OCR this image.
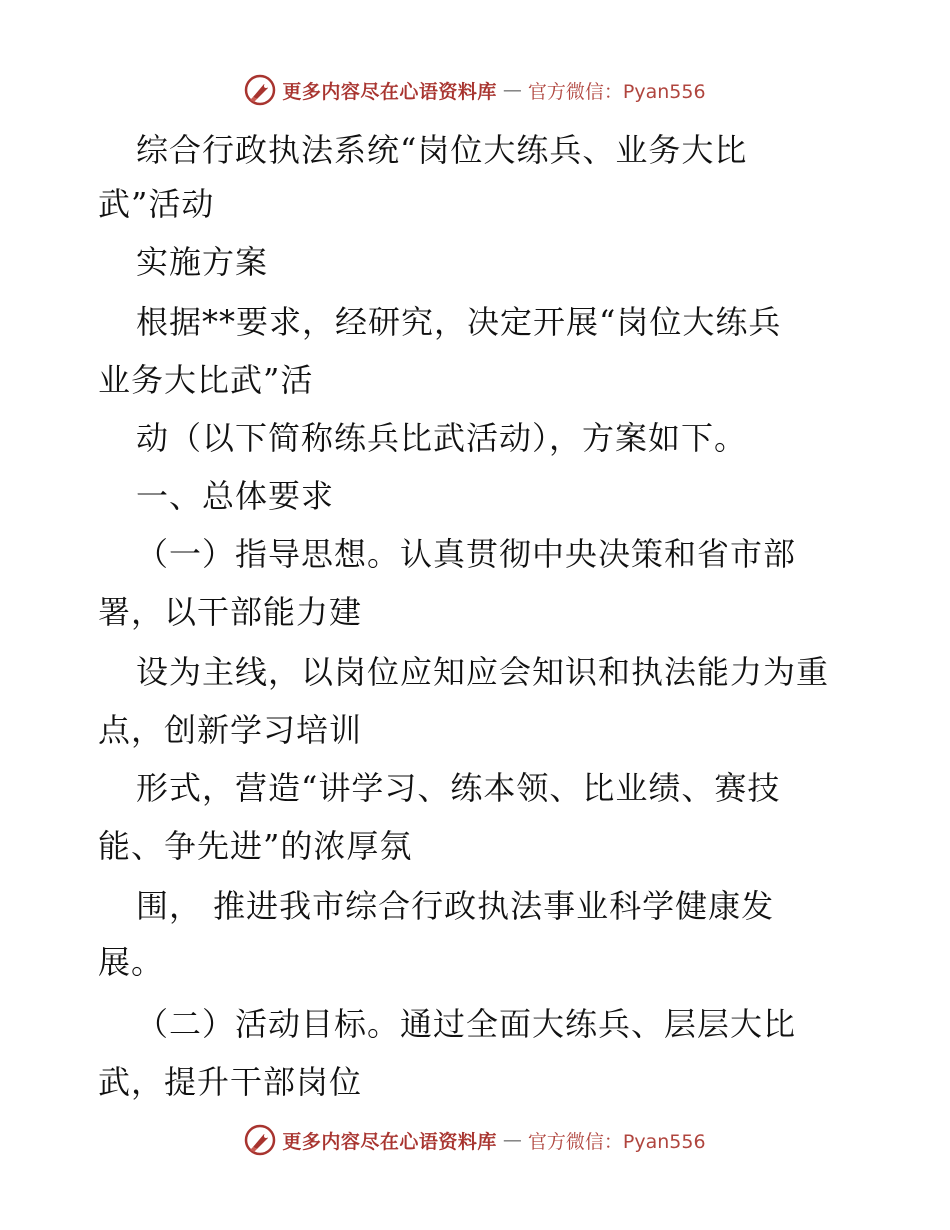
更多内容尽在心语资料库 — 官方微信：Pyan556
综合行政执法系统“岗位大练兵、业务大比
武”活动
实施方案
根据**要求，经研究，决定开展“岗位大练兵
业务大比武”活
动（以下简称练兵比武活动），方案如下。
一、总体要求
（一）指导思想。认真贯彻中央决策和省市部
署，以干部能力建
设为主线，以岗位应知应会知识和执法能力为重
点，创新学习培训
形式，营造“讲学习、练本领、比业绩、赛技
能、争先进”的浓厚氛
围， 推进我市综合行政执法事业科学健康发
展。
（二）活动目标。通过全面大练兵、层层大比
武，提升干部岗位
更多内容尽在心语资料库 — 官方微信：Pyan556
